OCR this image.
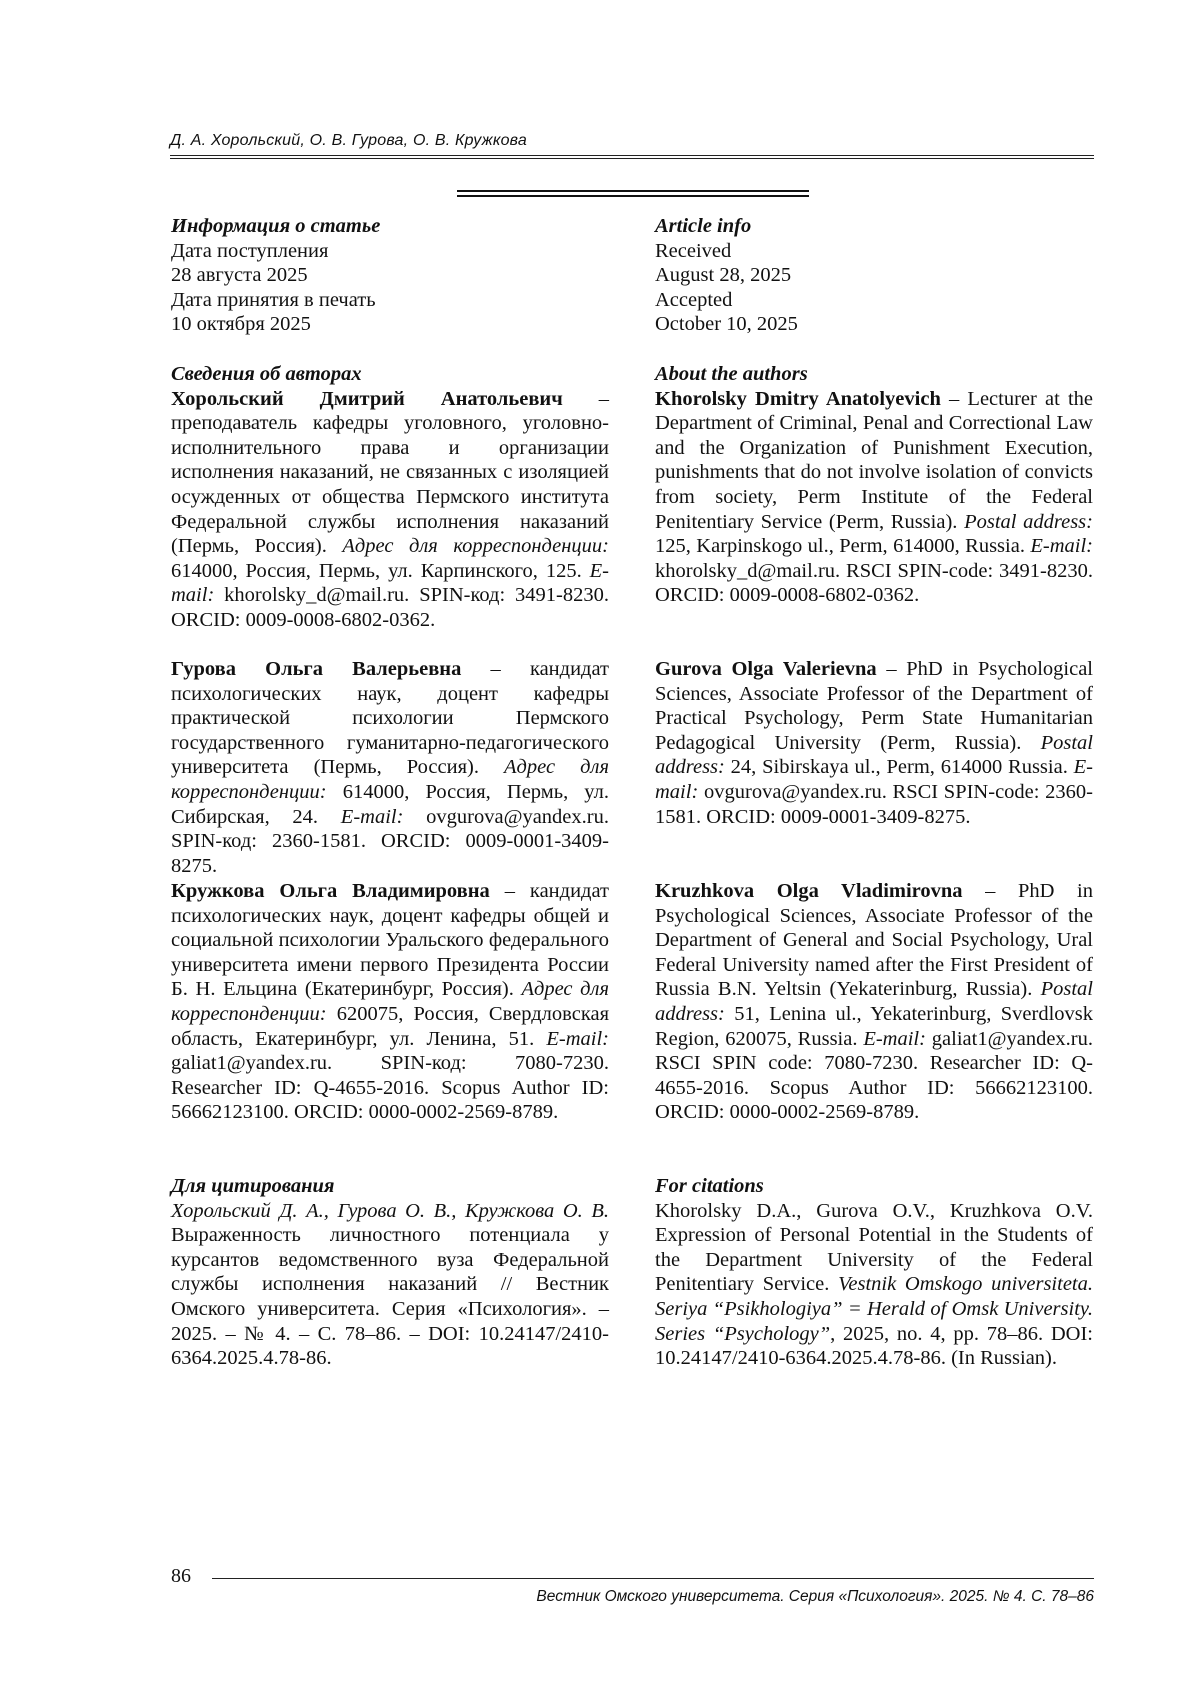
Д. А. Хорольский, О. В. Гурова, О. В. Кружкова

Информация о статье

Дата поступления

28 августа 2025

Дата принятия в печать

10 октября 2025

Сведения об авторах

Хорольский Дмитрий Анатольевич – преподаватель кафедры уголовного, уголовно-исполнительного права и организации исполнения наказаний, не связанных с изоляцией осужденных от общества Пермского института Федеральной службы исполнения наказаний (Пермь, Россия). Адрес для корреспонденции: 614000, Россия, Пермь, ул. Карпинского, 125. E-mail: khorolsky_d@mail.ru. SPIN-код: 3491-8230. ORCID: 0009-0008-6802-0362.

Гурова Ольга Валерьевна – кандидат психологических наук, доцент кафедры практической психологии Пермского государственного гуманитарно-педагогического университета (Пермь, Россия). Адрес для корреспонденции: 614000, Россия, Пермь, ул. Сибирская, 24. E-mail: ovgurova@yandex.ru. SPIN-код: 2360-1581. ORCID: 0009-0001-3409-8275.

Кружкова Ольга Владимировна – кандидат психологических наук, доцент кафедры общей и социальной психологии Уральского федерального университета имени первого Президента России Б. Н. Ельцина (Екатеринбург, Россия). Адрес для корреспонденции: 620075, Россия, Свердловская область, Екатеринбург, ул. Ленина, 51. E-mail: galiat1@yandex.ru. SPIN-код: 7080-7230. Researcher ID: Q-4655-2016. Scopus Author ID: 56662123100. ORCID: 0000-0002-2569-8789.

Для цитирования

Хорольский Д. А., Гурова О. В., Кружкова О. В. Выраженность личностного потенциала у курсантов ведомственного вуза Федеральной службы исполнения наказаний // Вестник Омского университета. Серия «Психология». – 2025. – № 4. – С. 78–86. – DOI: 10.24147/2410-6364.2025.4.78-86.

Article info

Received

August 28, 2025

Accepted

October 10, 2025

About the authors

Khorolsky Dmitry Anatolyevich – Lecturer at the Department of Criminal, Penal and Correctional Law and the Organization of Punishment Execution, punishments that do not involve isolation of convicts from society, Perm Institute of the Federal Penitentiary Service (Perm, Russia). Postal address: 125, Karpinskogo ul., Perm, 614000, Russia. E-mail: khorolsky_d@mail.ru. RSCI SPIN-code: 3491-8230. ORCID: 0009-0008-6802-0362.

Gurova Olga Valerievna – PhD in Psychological Sciences, Associate Professor of the Department of Practical Psychology, Perm State Humanitarian Pedagogical University (Perm, Russia). Postal address: 24, Sibirskaya ul., Perm, 614000 Russia. E-mail: ovgurova@yandex.ru. RSCI SPIN-code: 2360-1581. ORCID: 0009-0001-3409-8275.

Kruzhkova Olga Vladimirovna – PhD in Psychological Sciences, Associate Professor of the Department of General and Social Psychology, Ural Federal University named after the First President of Russia B.N. Yeltsin (Yekaterinburg, Russia). Postal address: 51, Lenina ul., Yekaterinburg, Sverdlovsk Region, 620075, Russia. E-mail: galiat1@yandex.ru. RSCI SPIN code: 7080-7230. Researcher ID: Q-4655-2016. Scopus Author ID: 56662123100. ORCID: 0000-0002-2569-8789.

For citations

Khorolsky D.A., Gurova O.V., Kruzhkova O.V. Expression of Personal Potential in the Students of the Department University of the Federal Penitentiary Service. Vestnik Omskogo universiteta. Seriya “Psikhologiya” = Herald of Omsk University. Series “Psychology”, 2025, no. 4, pp. 78–86. DOI: 10.24147/2410-6364.2025.4.78-86. (In Russian).

86
Вестник Омского университета. Серия «Психология». 2025. № 4. С. 78–86
